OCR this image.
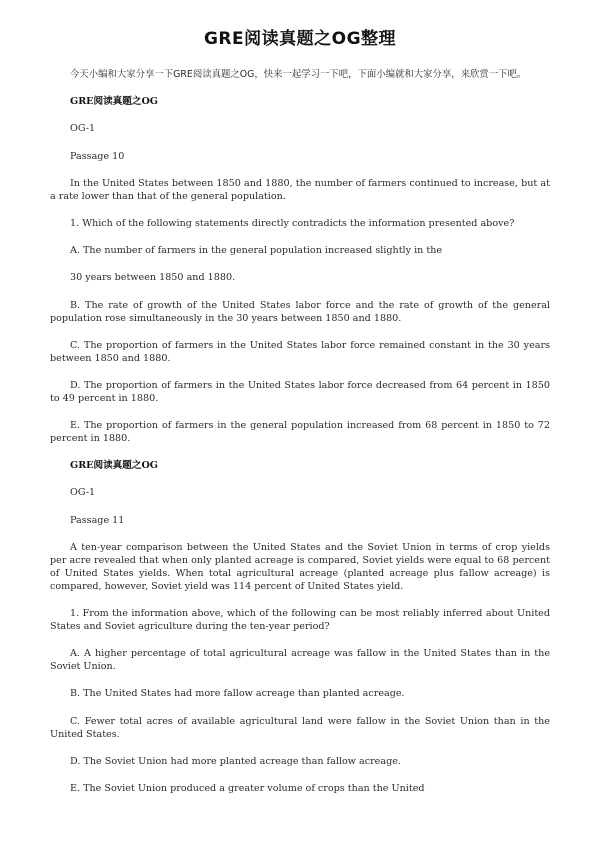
GRE阅读真题之OG整理
今天小编和大家分享一下GRE阅读真题之OG，快来一起学习一下吧，下面小编就和大家分享，来欣赏一下吧。
GRE阅读真题之OG
OG-1
Passage 10
In the United States between 1850 and 1880, the number of farmers continued to increase, but at a rate lower than that of the general population.
1. Which of the following statements directly contradicts the information presented above?
A. The number of farmers in the general population increased slightly in the
30 years between 1850 and 1880.
B. The rate of growth of the United States labor force and the rate of growth of the general population rose simultaneously in the 30 years between 1850 and 1880.
C. The proportion of farmers in the United States labor force remained constant in the 30 years between 1850 and 1880.
D. The proportion of farmers in the United States labor force decreased from 64 percent in 1850 to 49 percent in 1880.
E. The proportion of farmers in the general population increased from 68 percent in 1850 to 72 percent in 1880.
GRE阅读真题之OG
OG-1
Passage 11
A ten-year comparison between the United States and the Soviet Union in terms of crop yields per acre revealed that when only planted acreage is compared, Soviet yields were equal to 68 percent of United States yields. When total agricultural acreage (planted acreage plus fallow acreage) is compared, however, Soviet yield was 114 percent of United States yield.
1. From the information above, which of the following can be most reliably inferred about United States and Soviet agriculture during the ten-year period?
A. A higher percentage of total agricultural acreage was fallow in the United States than in the Soviet Union.
B. The United States had more fallow acreage than planted acreage.
C. Fewer total acres of available agricultural land were fallow in the Soviet Union than in the United States.
D. The Soviet Union had more planted acreage than fallow acreage.
E. The Soviet Union produced a greater volume of crops than the United
